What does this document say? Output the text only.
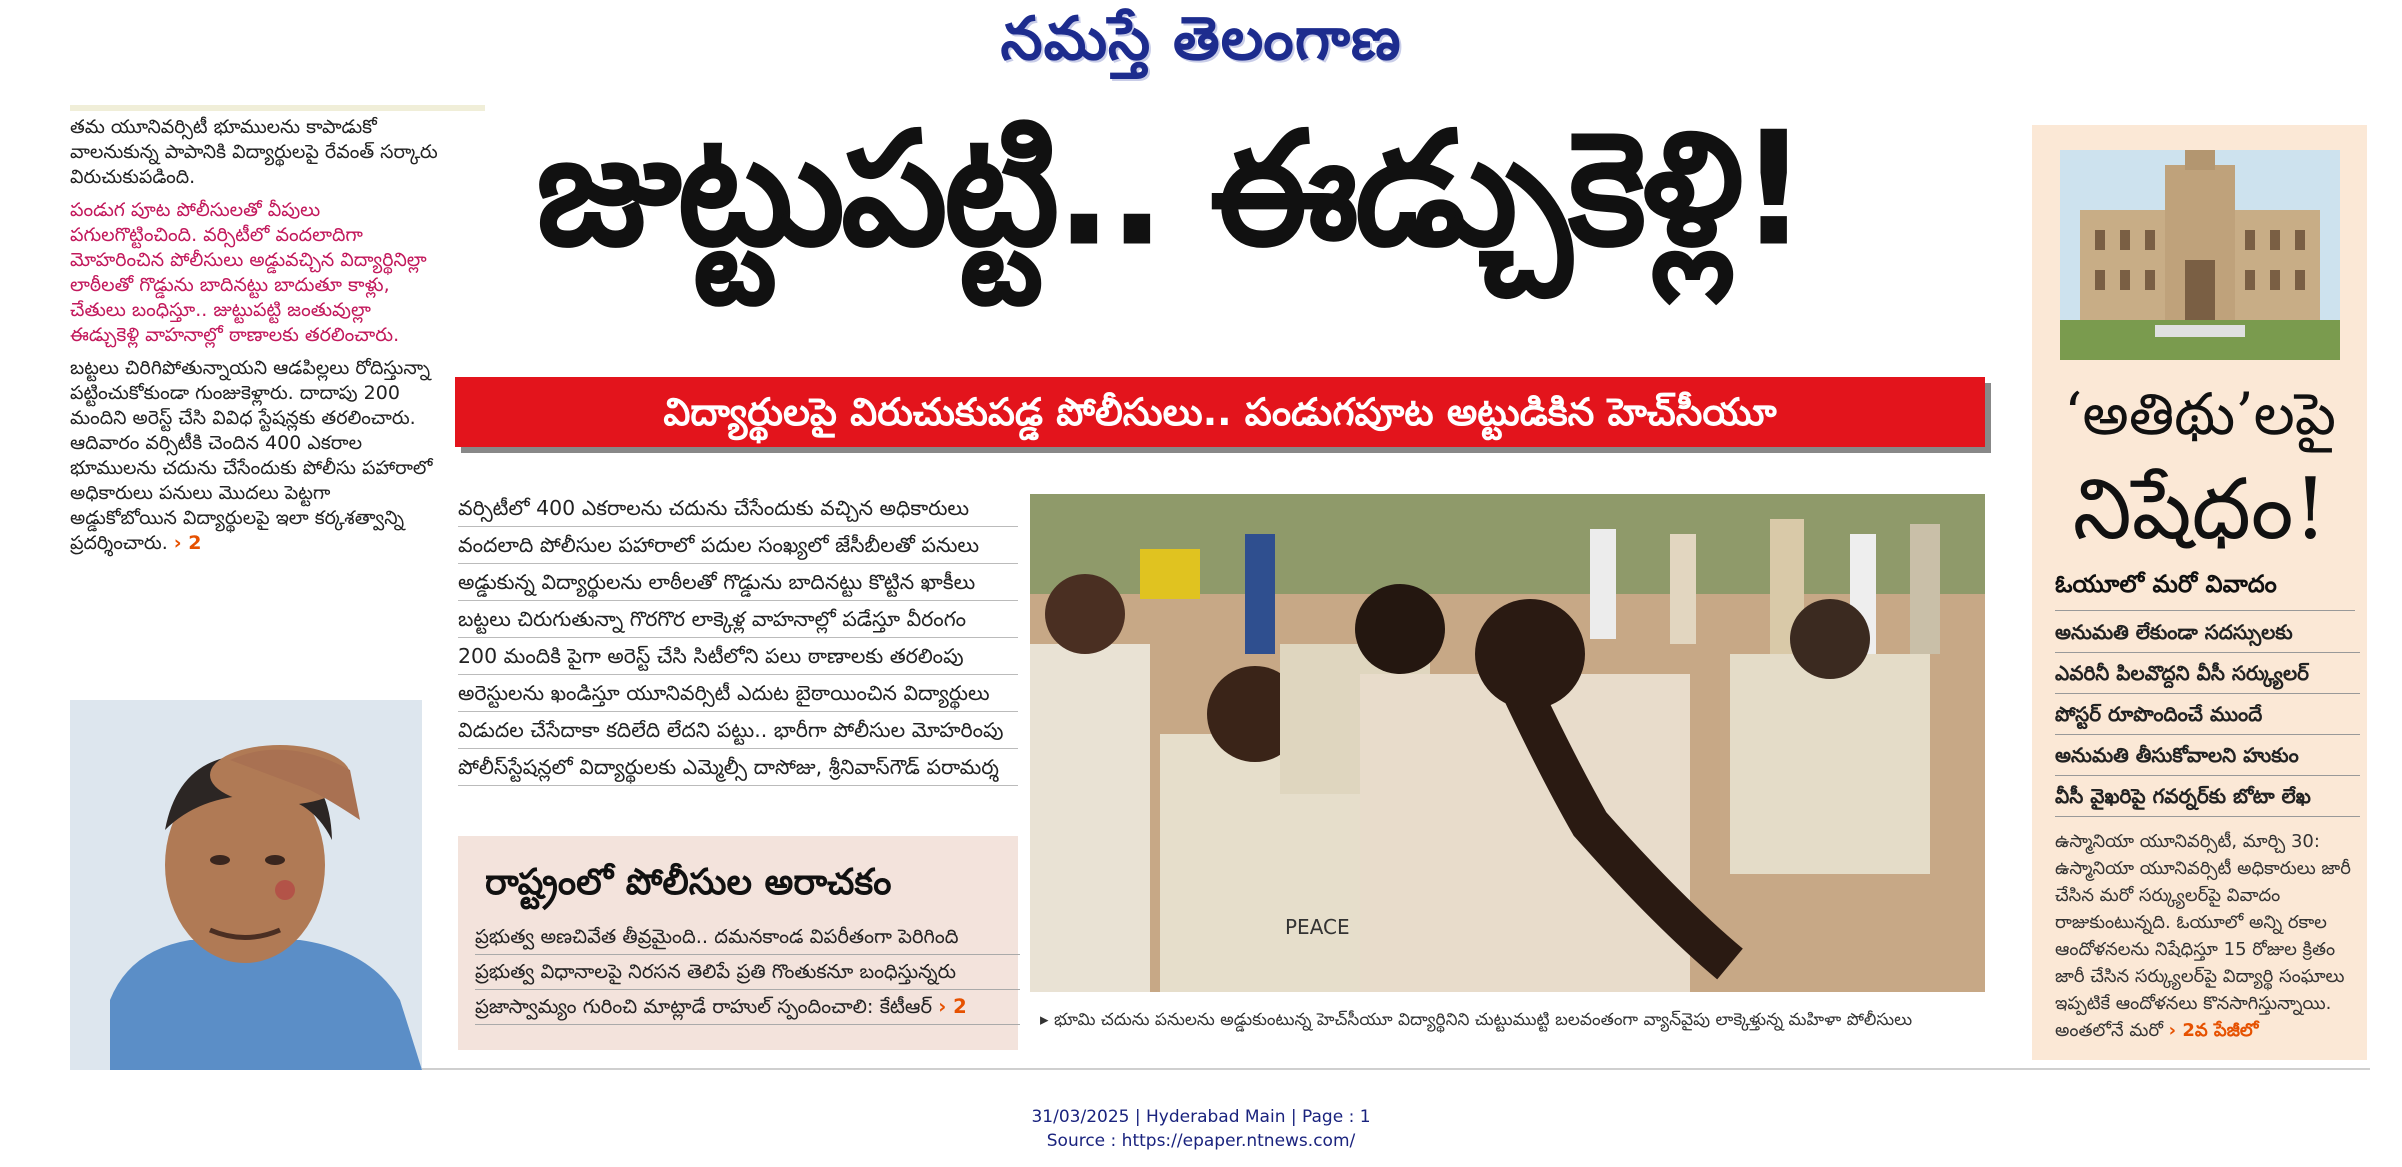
నమస్తే తెలంగాణ

తమ యూనివర్సిటీ భూములను కాపాడుకో వాలనుకున్న పాపానికి విద్యార్థులపై రేవంత్ సర్కారు విరుచుకుపడింది.

పండుగ పూట పోలీసులతో వీపులు పగులగొట్టించింది. వర్సిటీలో వందలాదిగా మోహరించిన పోలీసులు అడ్డువచ్చిన విద్యార్థినిల్లా లాఠీలతో గొడ్డును బాదినట్టు బాదుతూ కాళ్లు, చేతులు బంధిస్తూ.. జుట్టుపట్టి జంతువుల్లా ఈడ్చుకెళ్లి వాహనాల్లో ఠాణాలకు తరలించారు.

బట్టలు చిరిగిపోతున్నాయని ఆడపిల్లలు రోదిస్తున్నా పట్టించుకోకుండా గుంజుకెళ్లారు. దాదాపు 200 మందిని అరెస్ట్ చేసి వివిధ స్టేషన్లకు తరలించారు. ఆదివారం వర్సిటీకి చెందిన 400 ఎకరాల భూములను చదును చేసేందుకు పోలీసు పహారాలో అధికారులు పనులు మొదలు పెట్టగా అడ్డుకోబోయిన విద్యార్థులపై ఇలా కర్కశత్వాన్ని ప్రదర్శించారు. › 2

జుట్టుపట్టి.. ఈడ్చుకెళ్లి!
విద్యార్థులపై విరుచుకుపడ్డ పోలీసులు.. పండుగపూట అట్టుడికిన హెచ్‌సీయూ
వర్సిటీలో 400 ఎకరాలను చదును చేసేందుకు వచ్చిన అధికారులు
వందలాది పోలీసుల పహారాలో పదుల సంఖ్యలో జేసీబీలతో పనులు
అడ్డుకున్న విద్యార్థులను లాఠీలతో గొడ్డును బాదినట్టు కొట్టిన ఖాకీలు
బట్టలు చిరుగుతున్నా గొరగొర లాక్కెళ్ల వాహనాల్లో పడేస్తూ వీరంగం
200 మందికి పైగా అరెస్ట్ చేసి సిటీలోని పలు ఠాణాలకు తరలింపు
అరెస్టులను ఖండిస్తూ యూనివర్సిటీ ఎదుట బైఠాయించిన విద్యార్థులు
విడుదల చేసేదాకా కదిలేది లేదని పట్టు.. భారీగా పోలీసుల మోహరింపు
పోలీస్‌స్టేషన్లలో విద్యార్థులకు ఎమ్మెల్సీ దాసోజు, శ్రీనివాస్‌గౌడ్ పరామర్శ
రాష్ట్రంలో పోలీసుల అరాచకం
ప్రభుత్వ అణచివేత తీవ్రమైంది.. దమనకాండ విపరీతంగా పెరిగింది
ప్రభుత్వ విధానాలపై నిరసన తెలిపే ప్రతి గొంతుకనూ బంధిస్తున్నరు
ప్రజాస్వామ్యం గురించి మాట్లాడే రాహుల్ స్పందించాలి: కేటీఆర్ › 2
PEACE
▸ భూమి చదును పనులను అడ్డుకుంటున్న హెచ్‌సీయూ విద్యార్థినిని చుట్టుముట్టి బలవంతంగా వ్యాన్‌వైపు లాక్కెళ్తున్న మహిళా పోలీసులు
‘అతిథు’లపై
నిషేధం!
ఓయూలో మరో వివాదం
అనుమతి లేకుండా సదస్సులకు
ఎవరినీ పిలవొద్దని వీసీ సర్క్యులర్
పోస్టర్ రూపొందించే ముందే
అనుమతి తీసుకోవాలని హుకుం
వీసీ వైఖరిపై గవర్నర్‌కు బోటా లేఖ
ఉస్మానియా యూనివర్సిటీ, మార్చి 30: ఉస్మానియా యూనివర్సిటీ అధికారులు జారీ చేసిన మరో సర్క్యులర్‌పై వివాదం రాజుకుంటున్నది. ఓయూలో అన్ని రకాల ఆందోళనలను నిషేధిస్తూ 15 రోజుల క్రితం జారీ చేసిన సర్క్యులర్‌పై విద్యార్థి సంఘాలు ఇప్పటికే ఆందోళనలు కొనసాగిస్తున్నాయి. అంతలోనే మరో › 2వ పేజీలో
31/03/2025 | Hyderabad Main | Page : 1
Source : https://epaper.ntnews.com/
